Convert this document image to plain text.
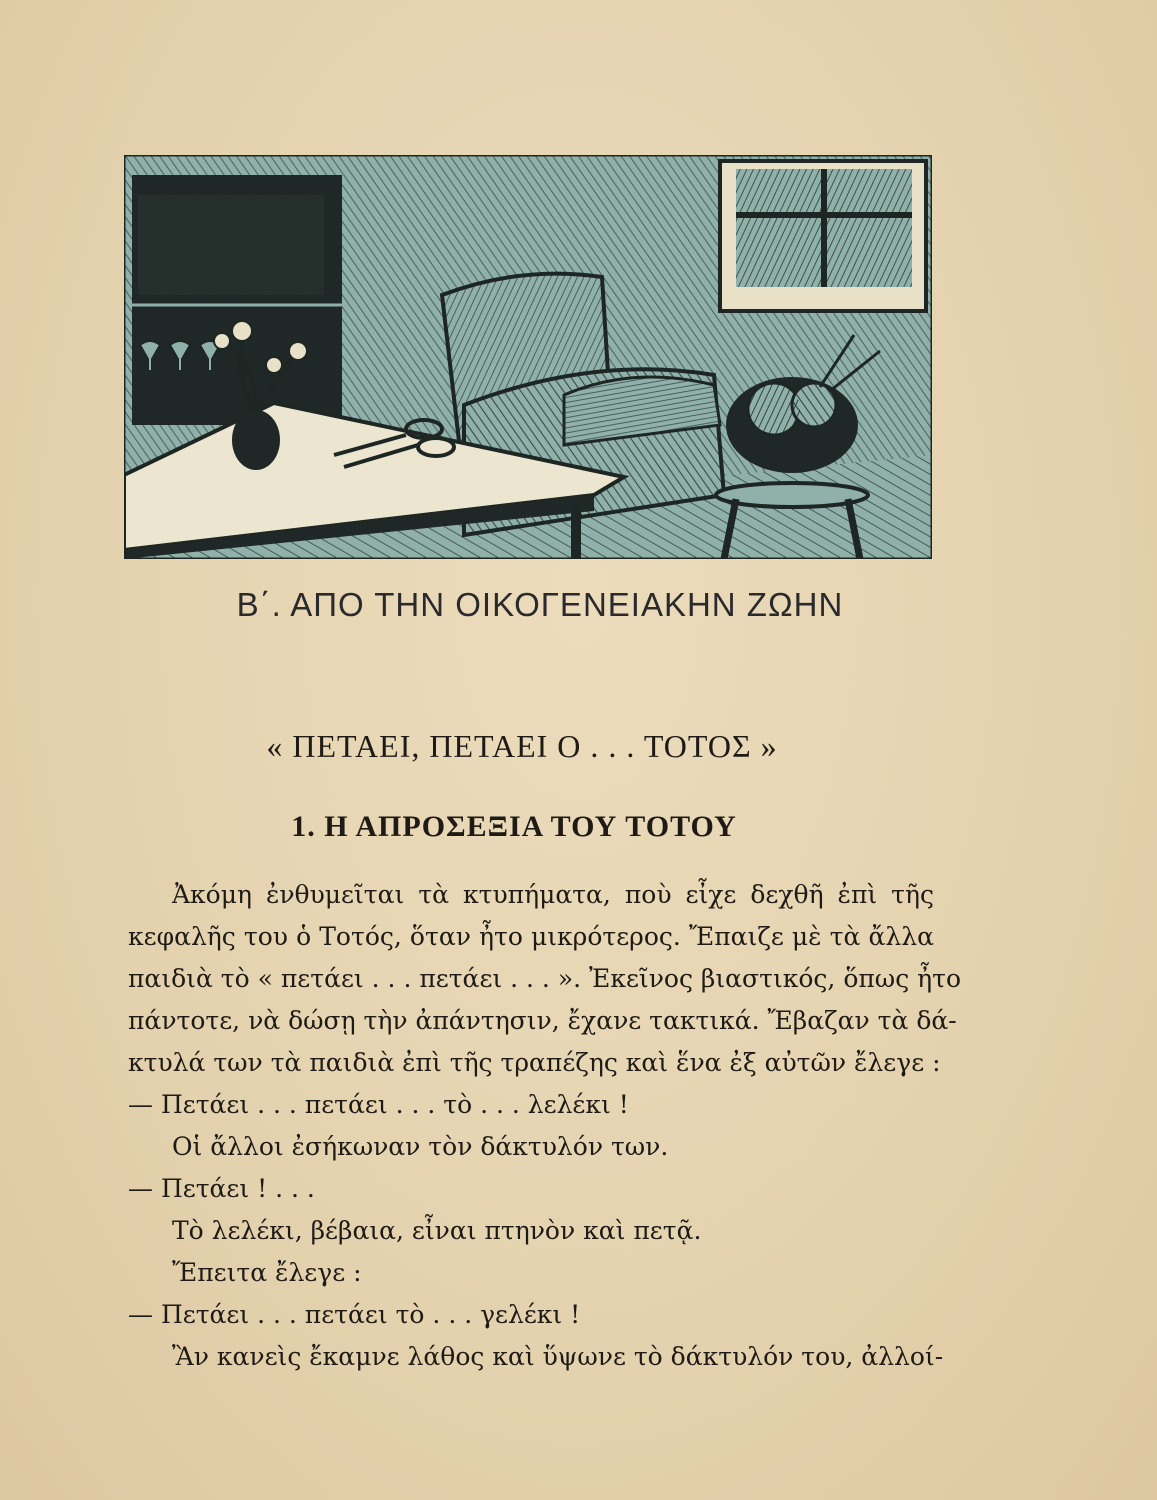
Β΄. ΑΠΟ ΤΗΝ ΟΙΚΟΓΕΝΕΙΑΚΗΝ ΖΩΗΝ
« ΠΕΤΑΕΙ, ΠΕΤΑΕΙ Ο . . . ΤΟΤΟΣ »
1. Η ΑΠΡΟΣΕΞΙΑ ΤΟΥ ΤΟΤΟΥ
Ἀκόμη ἐνθυμεῖται τὰ κτυπήματα, ποὺ εἶχε δεχθῆ ἐπὶ τῆς
κεφαλῆς του ὁ Τοτός, ὅταν ἦτο μικρότερος. Ἔπαιζε μὲ τὰ ἄλλα
παιδιὰ τὸ « πετάει . . . πετάει . . . ». Ἐκεῖνος βιαστικός, ὅπως ἦτο
πάντοτε, νὰ δώσῃ τὴν ἀπάντησιν, ἔχανε τακτικά. Ἔβαζαν τὰ δά-
κτυλά των τὰ παιδιὰ ἐπὶ τῆς τραπέζης καὶ ἕνα ἐξ αὐτῶν ἔλεγε :
— Πετάει . . . πετάει . . . τὸ . . . λελέκι !
Οἱ ἄλλοι ἐσήκωναν τὸν δάκτυλόν των.
— Πετάει ! . . .
Τὸ λελέκι, βέβαια, εἶναι πτηνὸν καὶ πετᾷ.
Ἔπειτα ἔλεγε :
— Πετάει . . . πετάει τὸ . . . γελέκι !
Ἂν κανεὶς ἔκαμνε λάθος καὶ ὕψωνε τὸ δάκτυλόν του, ἀλλοί-
